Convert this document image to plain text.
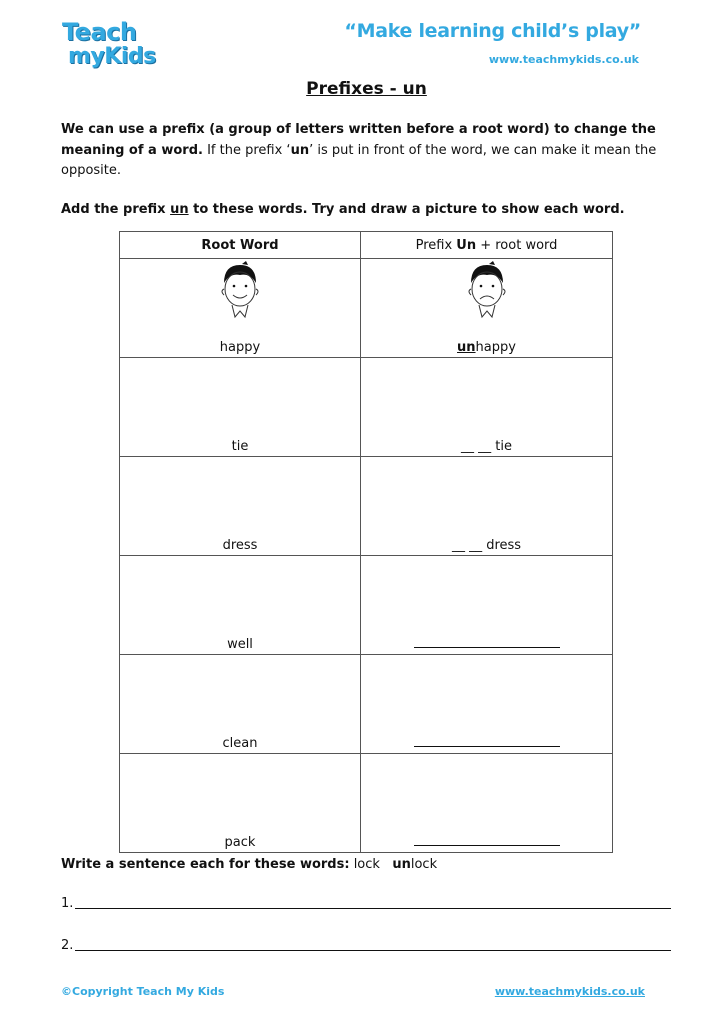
Teach
myKids
“Make learning child’s play”
www.teachmykids.co.uk
Prefixes - un
We can use a prefix (a group of letters written before a root word) to change the meaning of a word. If the prefix ‘un’ is put in front of the word, we can make it mean the opposite.
Add the prefix un to these words. Try and draw a picture to show each word.
Root Word	Prefix Un + root word

happy	unhappy

tie	__ __ tie

dress	__ __ dress

well	

clean	

pack	

Write a sentence each for these words: lock unlock
1.
2.
©Copyright Teach My Kids	www.teachmykids.co.uk
